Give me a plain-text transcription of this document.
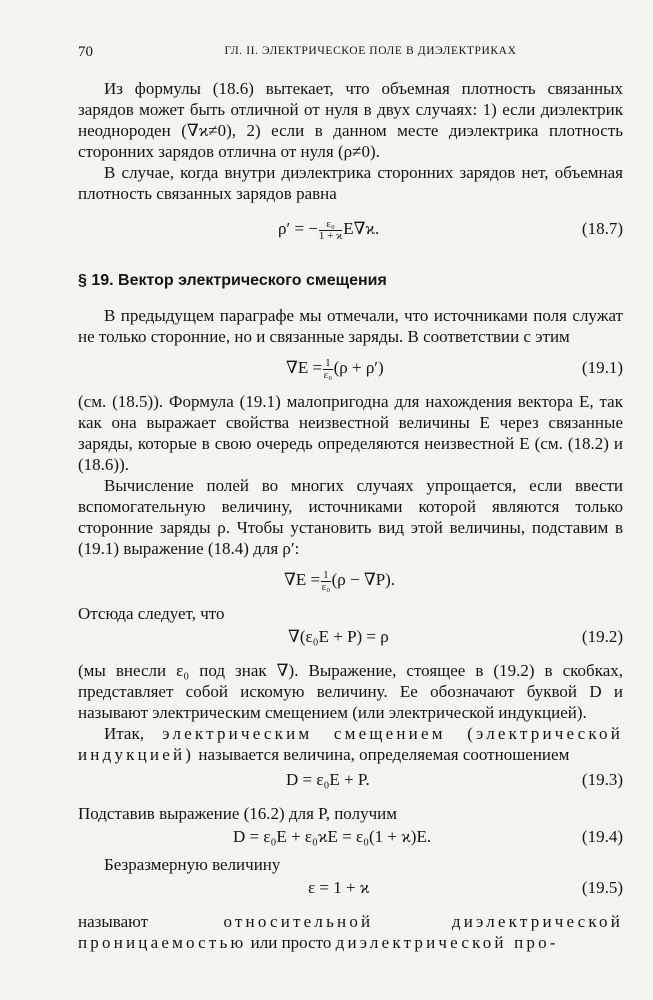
70	ГЛ. II. ЭЛЕКТРИЧЕСКОЕ ПОЛЕ В ДИЭЛЕКТРИКАХ

Из формулы (18.6) вытекает, что объемная плотность связанных зарядов может быть отличной от нуля в двух случаях: 1) если диэлектрик неоднороден (∇ϰ≠0), 2) если в данном месте диэлектрика плотность сторонних зарядов отлична от нуля (ρ≠0).

В случае, когда внутри диэлектрика сторонних зарядов нет, объемная плотность связанных зарядов равна

ρ′ = − $\frac{\text{ε₀}}{1 + ϰ} E\nabla ϰ$.	(18.7)
§ 19. Вектор электрического смещения

В предыдущем параграфе мы отмечали, что источниками поля служат не только сторонние, но и связанные заряды. В соответствии с этим

$\nabla E = \frac{1}{\text{ε₀}} (\rho + \rho')$	(19.1)

(см. (18.5)). Формула (19.1) малопригодна для нахождения вектора E, так как она выражает свойства неизвестной величины E через связанные заряды, которые в свою очередь определяются неизвестной E (см. (18.2) и (18.6)).

Вычисление полей во многих случаях упрощается, если ввести вспомогательную величину, источниками которой являются только сторонние заряды ρ. Чтобы установить вид этой величины, подставим в (19.1) выражение (18.4) для ρ′:

$\nabla E = \frac{1}{\text{ε₀}} (\rho - \nabla P)$.

Отсюда следует, что

∇(ε₀E + P) = ρ	(19.2)

(мы внесли ε₀ под знак ∇). Выражение, стоящее в (19.2) в скобках, представляет собой искомую величину. Ее обозначают буквой D и называют электрическим смещением (или электрической индукцией).

Итак, электрическим смещением (электрической индукцией) называется величина, определяемая соотношением

D = ε₀E + P.	(19.3)

Подставив выражение (16.2) для P, получим

D = ε₀E + ε₀ϰE = ε₀(1 + ϰ)E.	(19.4)

Безразмерную величину

ε = 1 + ϰ	(19.5)

называют	относительной диэлектрической проницаемостью или просто диэлектрической про-
